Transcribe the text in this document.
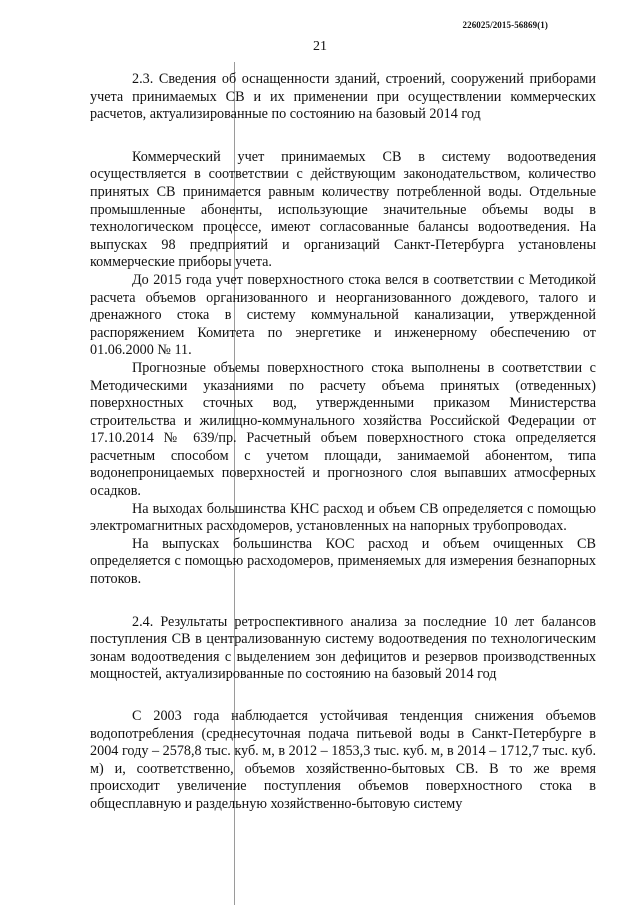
226025/2015-56869(1)
21
2.3. Сведения об оснащенности зданий, строений, сооружений приборами учета принимаемых СВ и их применении при осуществлении коммерческих расчетов, актуализированные по состоянию на базовый 2014 год

Коммерческий учет принимаемых СВ в систему водоотведения осуществляется в соответствии с действующим законодательством, количество принятых СВ принимается равным количеству потребленной воды. Отдельные промышленные абоненты, использующие значительные объемы воды в технологическом процессе, имеют согласованные балансы водоотведения. На выпусках 98 предприятий и организаций Санкт-Петербурга установлены коммерческие приборы учета.

До 2015 года учет поверхностного стока велся в соответствии с Методикой расчета объемов организованного и неорганизованного дождевого, талого и дренажного стока в систему коммунальной канализации, утвержденной распоряжением Комитета по энергетике и инженерному обеспечению от 01.06.2000 № 11.

Прогнозные объемы поверхностного стока выполнены в соответствии с Методическими указаниями по расчету объема принятых (отведенных) поверхностных сточных вод, утвержденными приказом Министерства строительства и жилищно-коммунального хозяйства Российской Федерации от 17.10.2014 № 639/пр. Расчетный объем поверхностного стока определяется расчетным способом с учетом площади, занимаемой абонентом, типа водонепроницаемых поверхностей и прогнозного слоя выпавших атмосферных осадков.

На выходах большинства КНС расход и объем СВ определяется с помощью электромагнитных расходомеров, установленных на напорных трубопроводах.

На выпусках большинства КОС расход и объем очищенных СВ определяется с помощью расходомеров, применяемых для измерения безнапорных потоков.

2.4. Результаты ретроспективного анализа за последние 10 лет балансов поступления СВ в централизованную систему водоотведения по технологическим зонам водоотведения с выделением зон дефицитов и резервов производственных мощностей, актуализированные по состоянию на базовый 2014 год

С 2003 года наблюдается устойчивая тенденция снижения объемов водопотребления (среднесуточная подача питьевой воды в Санкт-Петербурге в 2004 году – 2578,8 тыс. куб. м, в 2012 – 1853,3 тыс. куб. м, в 2014 – 1712,7 тыс. куб. м) и, соответственно, объемов хозяйственно-бытовых СВ. В то же время происходит увеличение поступления объемов поверхностного стока в общесплавную и раздельную хозяйственно-бытовую систему
